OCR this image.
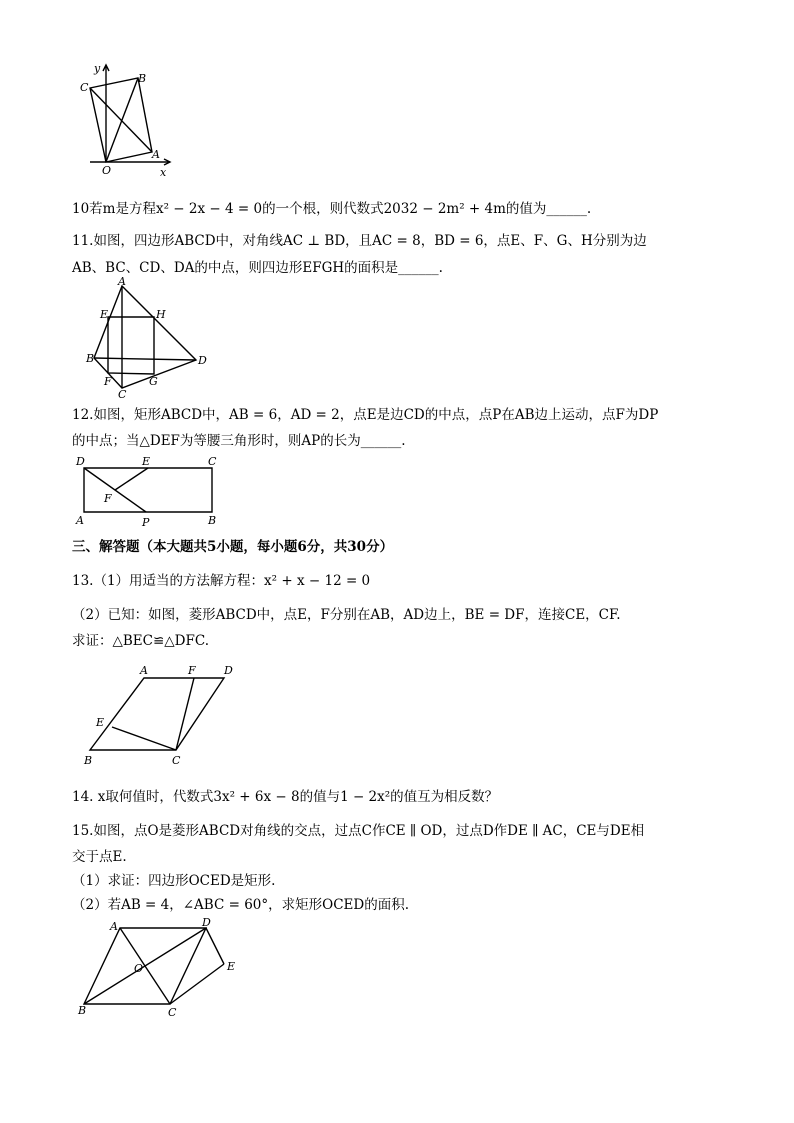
y
B
C
A
O	x
10若m是方程x² − 2x − 4 = 0的一个根，则代数式2032 − 2m² + 4m的值为______.
11.如图，四边形ABCD中，对角线AC ⊥ BD，且AC = 8，BD = 6，点E、F、G、H分别为边
AB、BC、CD、DA的中点，则四边形EFGH的面积是______.
A
B
C
D
E
F	G
H
12.如图，矩形ABCD中，AB = 6，AD = 2，点E是边CD的中点，点P在AB边上运动，点F为DP
的中点；当△DEF为等腰三角形时，则AP的长为______.
D	E	C
F
A	P	B
三、解答题（本大题共5小题，每小题6分，共30分）
13.（1）用适当的方法解方程：x² + x − 12 = 0
（2）已知：如图，菱形ABCD中，点E，F分别在AB，AD边上，BE = DF，连接CE，CF.
求证：△BEC≌△DFC.
A	F	D
E
B	C
14. x取何值时，代数式3x² + 6x − 8的值与1 − 2x²的值互为相反数？
15.如图，点O是菱形ABCD对角线的交点，过点C作CE ∥ OD，过点D作DE ∥ AC，CE与DE相
交于点E.
（1）求证：四边形OCED是矩形.
（2）若AB = 4，∠ABC = 60°，求矩形OCED的面积.
A	D
O	E
B	C
